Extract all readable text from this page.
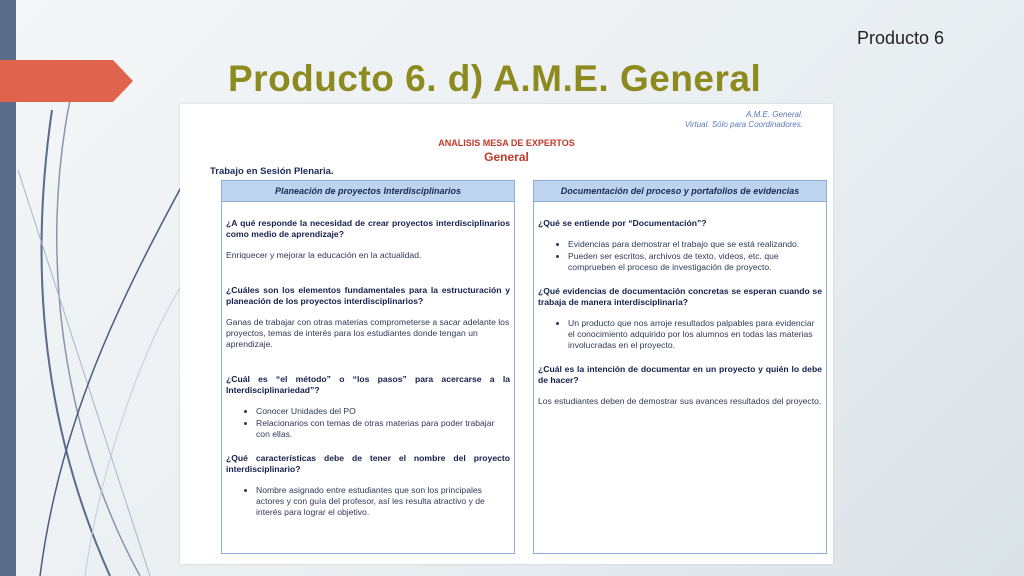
Producto 6
Producto 6. d) A.M.E. General
A.M.E. General.
Virtual. Sólo para Coordinadores.
ANALISIS MESA DE EXPERTOS
General
Trabajo en Sesión Plenaria.
Planeación de proyectos Interdisciplinarios

¿A qué responde la necesidad de crear proyectos interdisciplinarios como medio de aprendizaje?

Enriquecer y mejorar la educación en la actualidad.

¿Cuáles son los elementos fundamentales para la estructuración y planeación de los proyectos interdisciplinarios?

Ganas de trabajar con otras materias comprometerse a sacar adelante los proyectos, temas de interés para los estudiantes donde tengan un aprendizaje.

¿Cuál es “el método” o “los pasos” para acercarse a la Interdisciplinariedad”?

• Conocer Unidades del PO
• Relacionarios con temas de otras materias para poder trabajar con ellas.

¿Qué características debe de tener el nombre del proyecto interdisciplinario?

• Nombre asignado entre estudiantes que son los principales actores y con guía del profesor, así les resulta atractivo y de interés para lograr el objetivo.
Documentación del proceso y portafolios de evidencias

¿Qué se entiende por “Documentación”?

• Evidencias para demostrar el trabajo que se está realizando.
• Pueden ser escritos, archivos de texto, videos, etc. que comprueben el proceso de investigación de proyecto.

¿Qué evidencias de documentación concretas se esperan cuando se trabaja de manera interdisciplinaria?

• Un producto que nos arroje resultados palpables para evidenciar el conocimiento adquirido por los alumnos en todas las materias involucradas en el proyecto.

¿Cuál es la intención de documentar en un proyecto y quién lo debe de hacer?

Los estudiantes deben de demostrar sus avances resultados del proyecto.
